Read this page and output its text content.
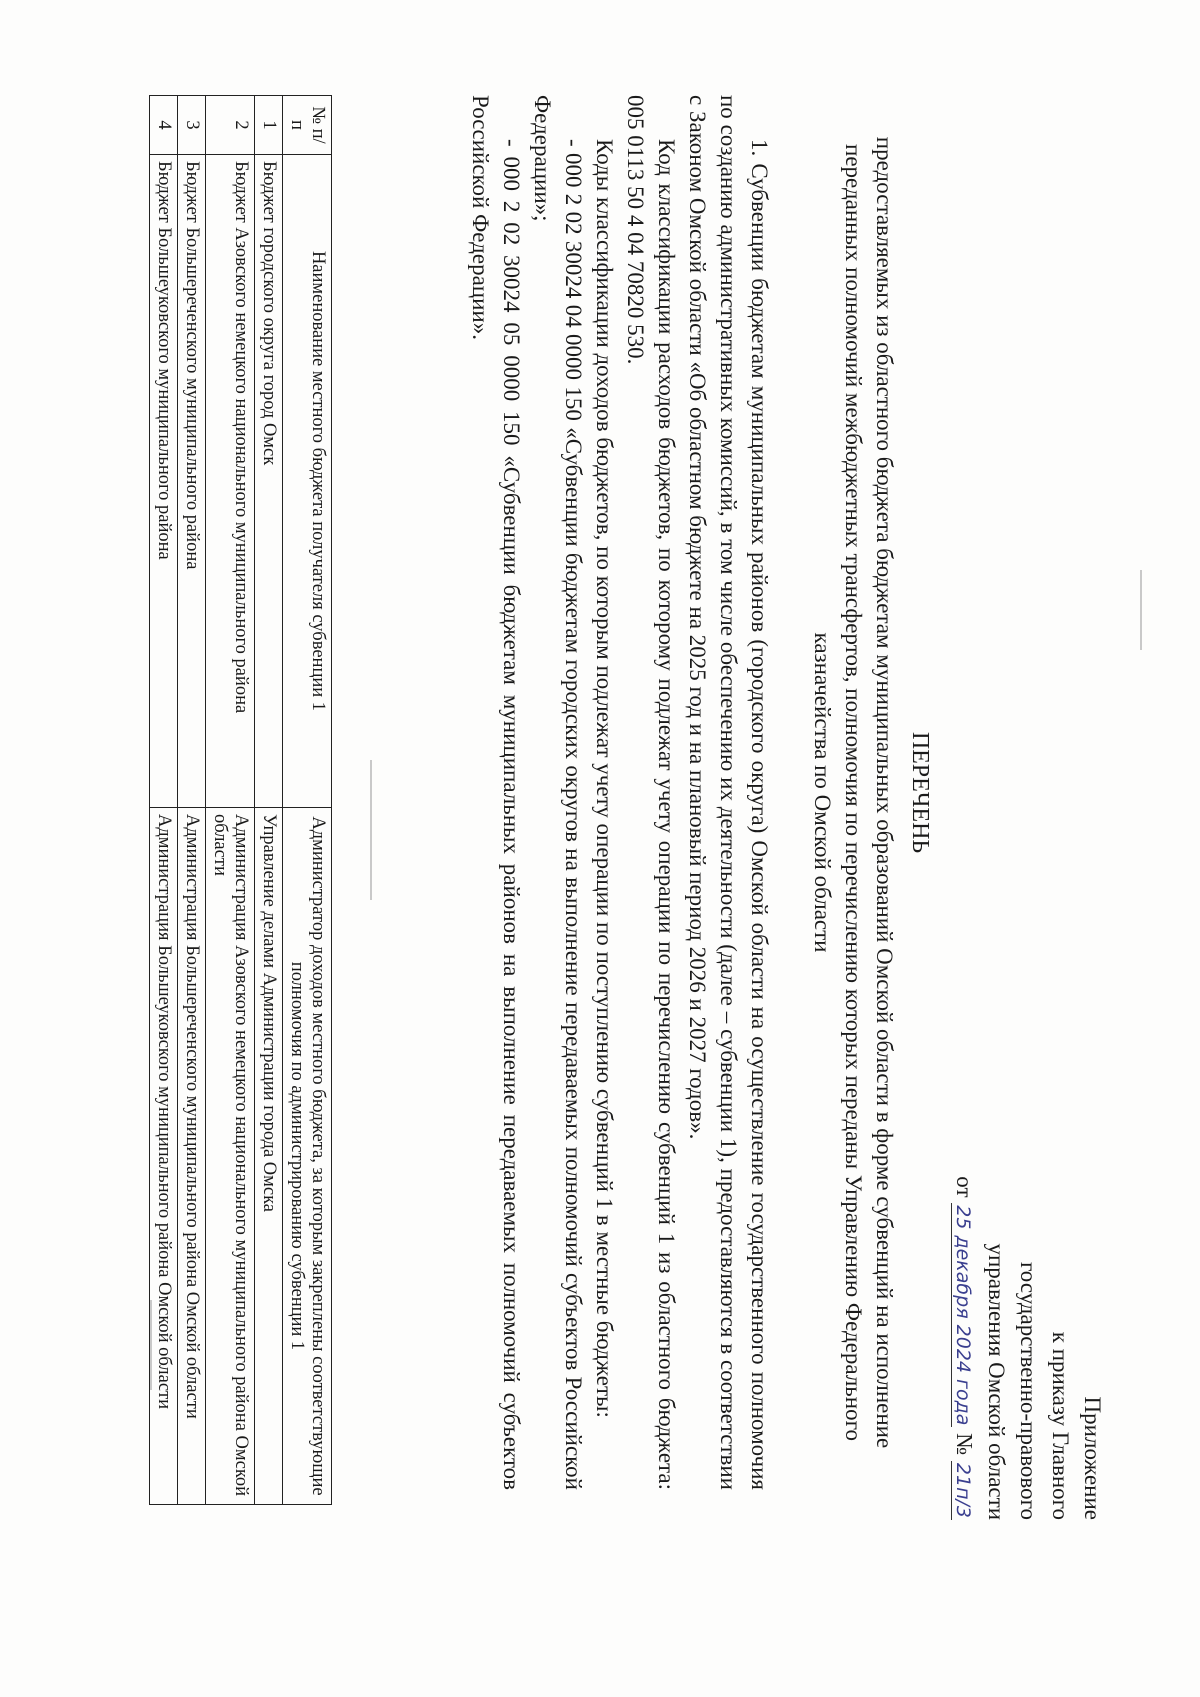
Приложение
к приказу Главного
государственно-правового
управления Омской области
от 25 декабря 2024 года № 21п/3
ПЕРЕЧЕНЬ
предоставляемых из областного бюджета бюджетам муниципальных образований Омской области в форме субвенций на исполнение переданных полномочий межбюджетных трансфертов, полномочия по перечислению которых переданы Управлению Федерального казначейства по Омской области

1. Субвенции бюджетам муниципальных районов (городского округа) Омской области на осуществление государственного полномочия по созданию административных комиссий, в том числе обеспечению их деятельности (далее – субвенции 1), предоставляются в соответствии с Законом Омской области «Об областном бюджете на 2025 год и на плановый период 2026 и 2027 годов».

Код классификации расходов бюджетов, по которому подлежат учету операции по перечислению субвенций 1 из областного бюджета: 005 0113 50 4 04 70820 530.

Коды классификации доходов бюджетов, по которым подлежат учету операции по поступлению субвенций 1 в местные бюджеты:

- 000 2 02 30024 04 0000 150 «Субвенции бюджетам городских округов на выполнение передаваемых полномочий субъектов Российской Федерации»;

- 000 2 02 30024 05 0000 150 «Субвенции бюджетам муниципальных районов на выполнение передаваемых полномочий субъектов Российской Федерации».

№ п/п	Наименование местного бюджета получателя субвенции 1	Администратор доходов местного бюджета, за которым закреплены соответствующие полномочия по администрированию субвенции 1
1	Бюджет городского округа город Омск	Управление делами Администрации города Омска
2	Бюджет Азовского немецкого национального муниципального района	Администрация Азовского немецкого национального муниципального района Омской области
3	Бюджет Большереченского муниципального района	Администрация Большереченского муниципального района Омской области
4	Бюджет Большеуковского муниципального района	Администрация Большеуковского муниципального района Омской области
